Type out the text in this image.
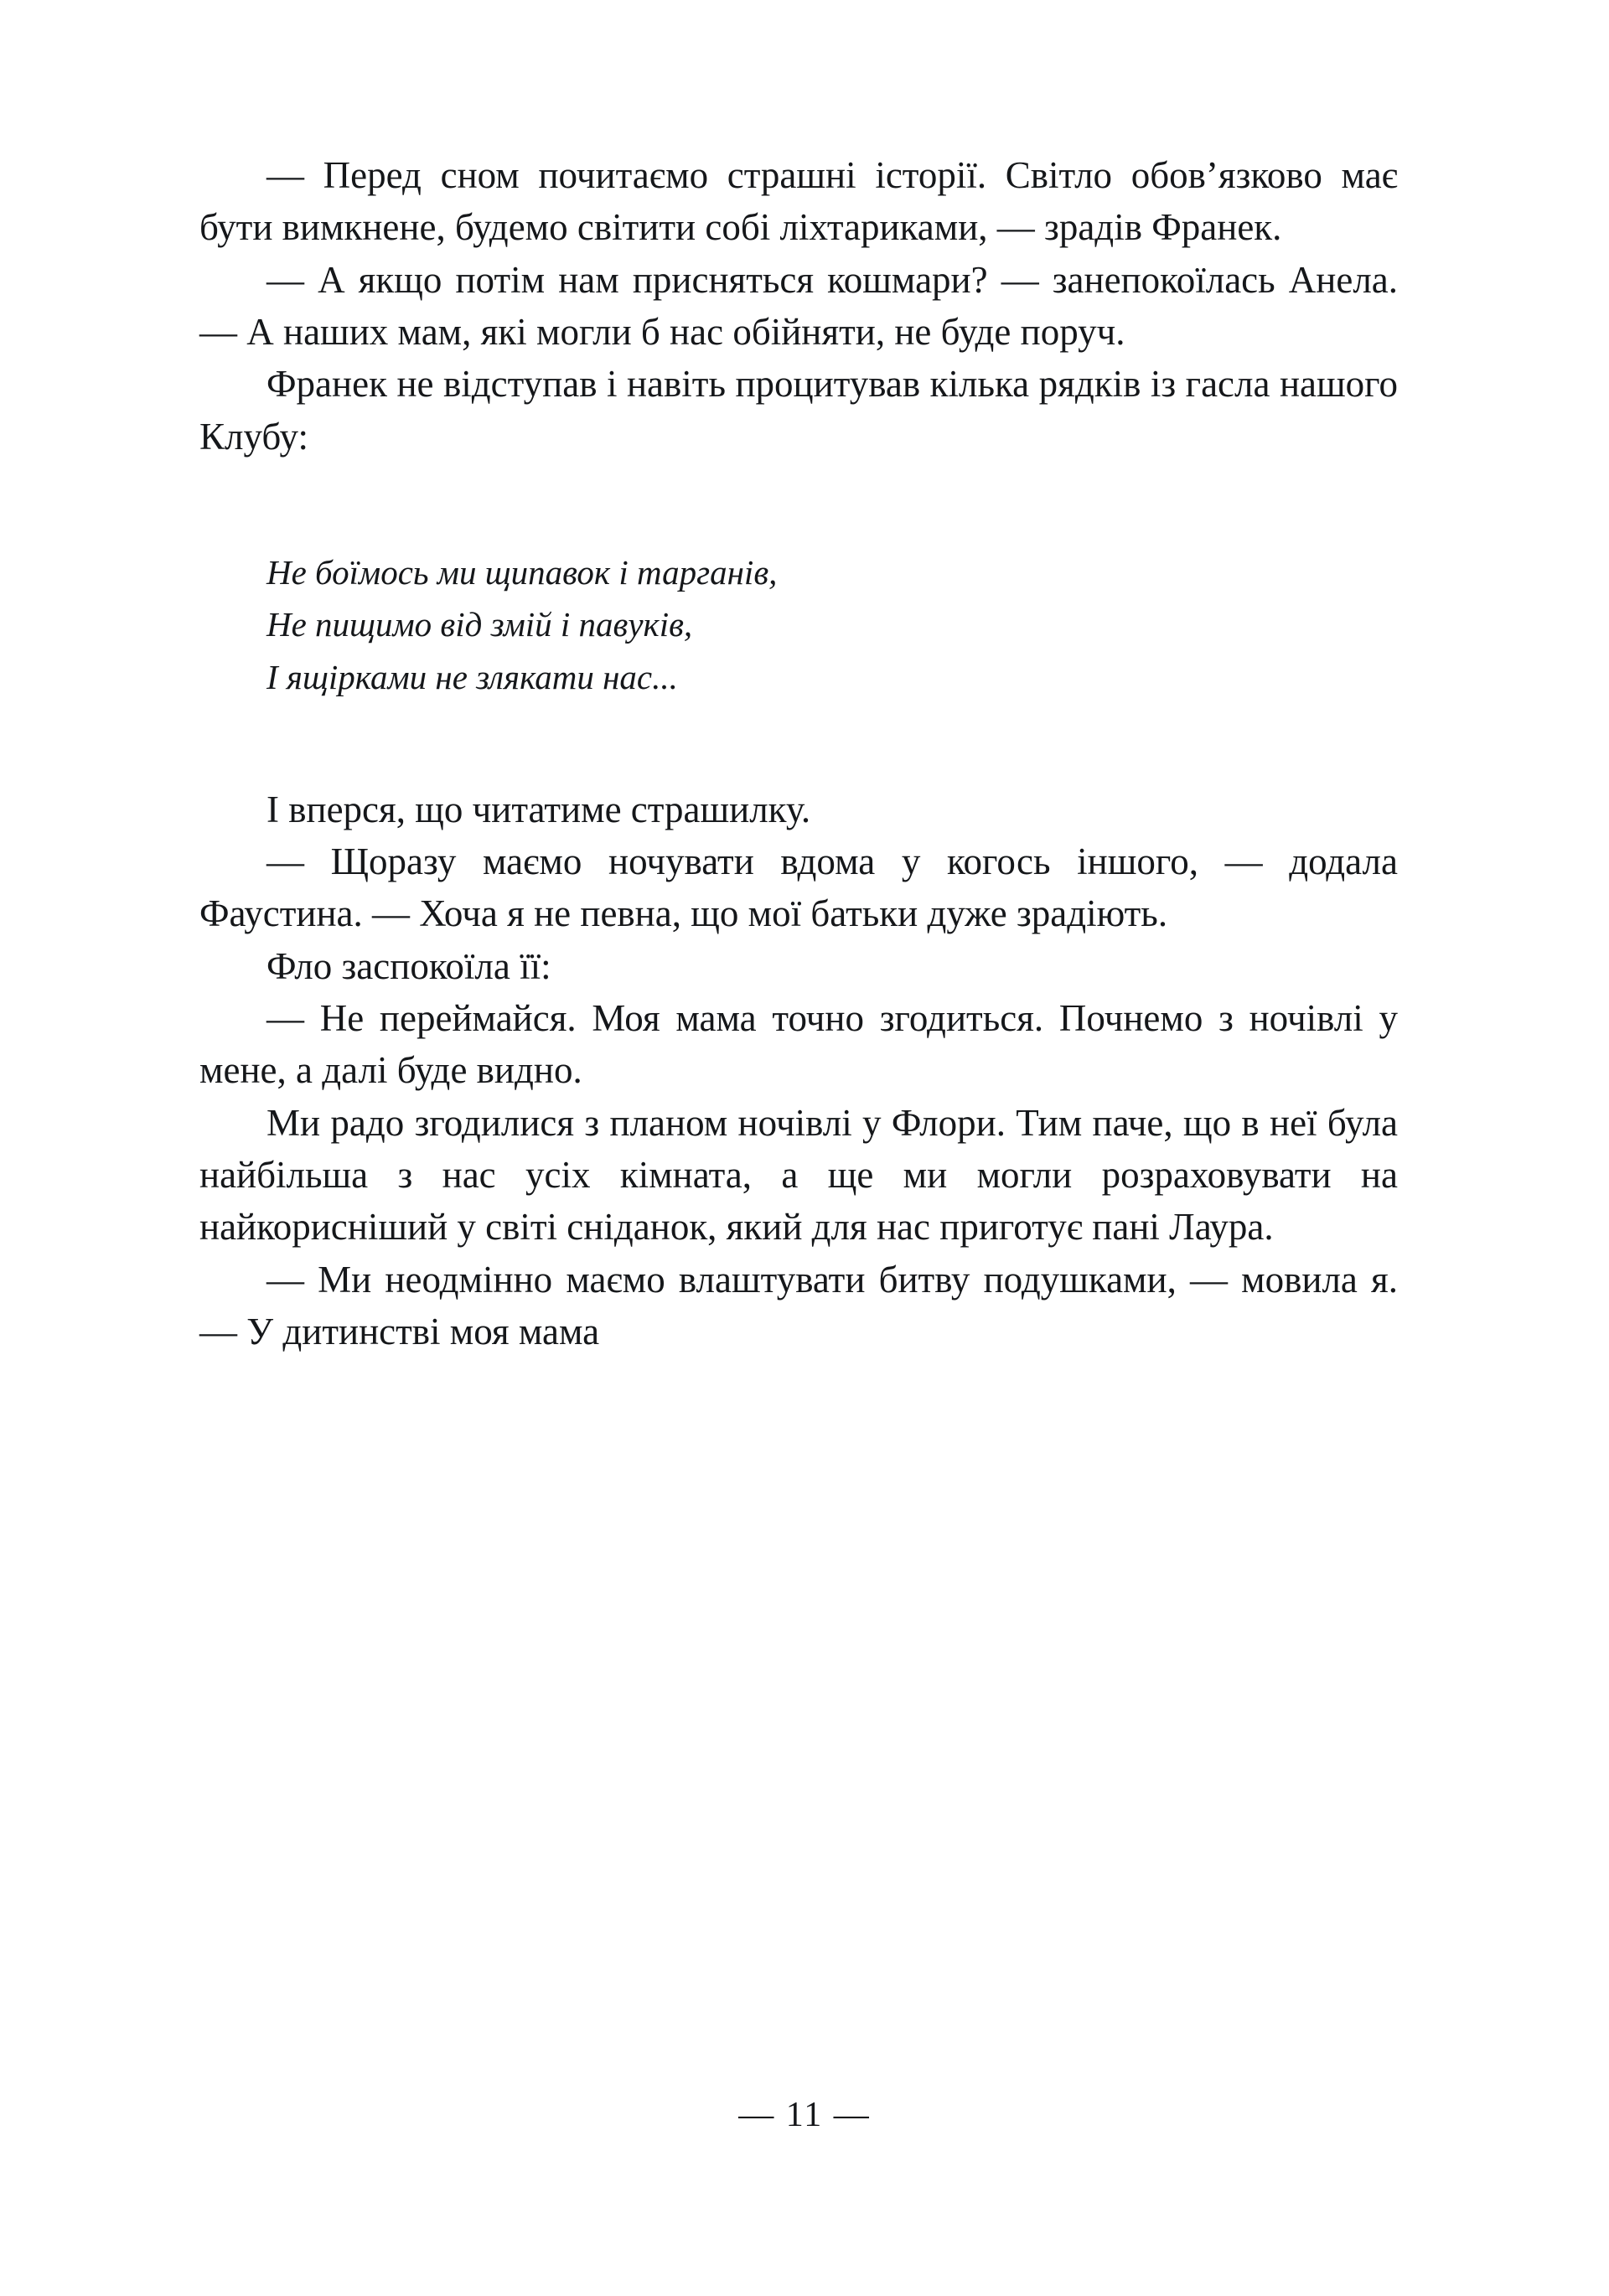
— Перед сном почитаємо страшні історії. Світло обов’язково має бути вимкнене, будемо світити собі ліхтариками, — зрадів Франек.

— А якщо потім нам присняться кошмари? — занепокоїлась Анела. — А наших мам, які могли б нас обійняти, не буде поруч.

Франек не відступав і навіть процитував кілька рядків із гасла нашого Клубу:

Не боїмось ми щипавок і тарганів,
Не пищимо від змій і павуків,
І ящірками не злякати нас...

І вперся, що читатиме страшилку.

— Щоразу маємо ночувати вдома у когось іншого, — додала Фаустина. — Хоча я не певна, що мої батьки дуже зрадіють.

Фло заспокоїла її:

— Не переймайся. Моя мама точно згодиться. Почнемо з ночівлі у мене, а далі буде видно.

Ми радо згодилися з планом ночівлі у Флори. Тим паче, що в неї була найбільша з нас усіх кімната, а ще ми могли розраховувати на найкорисніший у світі сніданок, який для нас приготує пані Лаура.

— Ми неодмінно маємо влаштувати битву подушками, — мовила я. — У дитинстві моя мама

— 11 —
